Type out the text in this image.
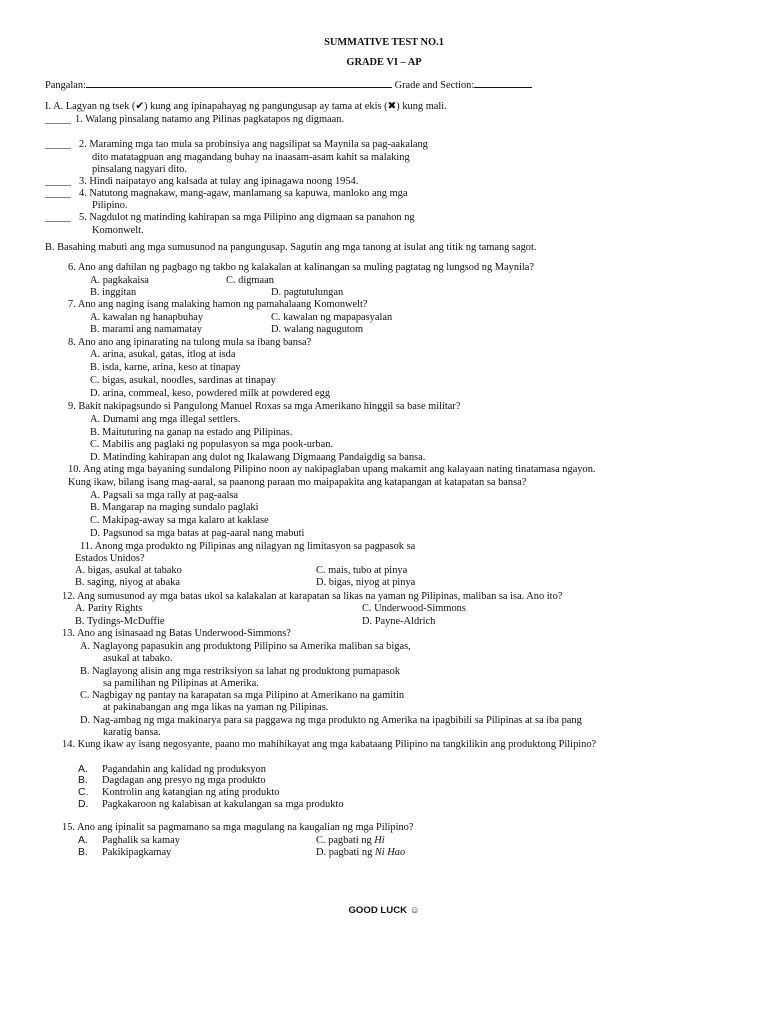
SUMMATIVE TEST NO.1
GRADE VI – AP
Pangalan:	Grade and Section:
I. A. Lagyan ng tsek (✔) kung ang ipinapahayag ng pangungusap ay tama at ekis (✖) kung mali.
_____ 1. Walang pinsalang natamo ang Pilinas pagkatapos ng digmaan.
_____ 2. Maraming mga tao mula sa probinsiya ang nagsilipat sa Maynila sa pag-aakalang
dito matatagpuan ang magandang buhay na inaasam-asam kahit sa malaking
pinsalang nagyari dito.
_____ 3. Hindi naipatayo ang kalsada at tulay ang ipinagawa noong 1954.
_____ 4. Natutong magnakaw, mang-agaw, manlamang sa kapuwa, manloko ang mga
Pilipino.
_____ 5. Nagdulot ng matinding kahirapan sa mga Pilipino ang digmaan sa panahon ng
Komonwelt.
B. Basahing mabuti ang mga sumusunod na pangungusap. Sagutin ang mga tanong at isulat ang titik ng tamang sagot.
6. Ano ang dahilan ng pagbago ng takbo ng kalakalan at kalinangan sa muling pagtatag ng lungsod ng Maynila?
A. pagkakaisa	C. digmaan
B. inggitan	D. pagtutulungan
7. Ano ang naging isang malaking hamon ng pamahalaang Komonwelt?
A. kawalan ng hanapbuhay	C. kawalan ng mapapasyalan
B. marami ang namamatay	D. walang nagugutom
8. Ano ano ang ipinarating na tulong mula sa ibang bansa?
A. arina, asukal, gatas, itlog at isda
B. isda, karne, arina, keso at tinapay
C. bigas, asukal, noodles, sardinas at tinapay
D. arina, commeal, keso, powdered milk at powdered egg
9. Bakit nakipagsundo si Pangulong Manuel Roxas sa mga Amerikano hinggil sa base militar?
A. Dumami ang mga illegal settlers.
B. Maituturing na ganap na estado ang Pilipinas.
C. Mabilis ang paglaki ng populasyon sa mga pook-urban.
D. Matinding kahirapan ang dulot ng Ikalawang Digmaang Pandaigdig sa bansa.
10. Ang ating mga bayaning sundalong Pilipino noon ay nakipaglaban upang makamit ang kalayaan nating tinatamasa ngayon.
Kung ikaw, bilang isang mag-aaral, sa paanong paraan mo maipapakita ang katapangan at katapatan sa bansa?
A. Pagsali sa mga rally at pag-aalsa
B. Mangarap na maging sundalo paglaki
C. Makipag-away sa mga kalaro at kaklase
D. Pagsunod sa mga batas at pag-aaral nang mabuti
11. Anong mga produkto ng Pilipinas ang nilagyan ng limitasyon sa pagpasok sa
Estados Unidos?
A. bigas, asukal at tabako	C. mais, tubo at pinya
B. saging, niyog at abaka	D. bigas, niyog at pinya
12. Ang sumusunod ay mga batas ukol sa kalakalan at karapatan sa likas na yaman ng Pilipinas, maliban sa isa. Ano ito?
A. Parity Rights	C. Underwood-Simmons
B. Tydings-McDuffie	D. Payne-Aldrich
13. Ano ang isinasaad ng Batas Underwood-Simmons?
A. Naglayong papasukin ang produktong Pilipino sa Amerika maliban sa bigas,
asukal at tabako.
B. Naglayong alisin ang mga restriksiyon sa lahat ng produktong pumapasok
sa pamilihan ng Pilipinas at Amerika.
C. Nagbigay ng pantay na karapatan sa mga Pilipino at Amerikano na gamitin
at pakinabangan ang mga likas na yaman ng Pilipinas.
D. Nag-ambag ng mga makinarya para sa paggawa ng mga produkto ng Amerika na ipagbibili sa Pilipinas at sa iba pang
karatig bansa.
14. Kung ikaw ay isang negosyante, paano mo mahihikayat ang mga kabataang Pilipino na tangkilikin ang produktong Pilipino?
A. Pagandahin ang kalidad ng produksyon
B. Dagdagan ang presyo ng mga produkto
C. Kontrolin ang katangian ng ating produkto
D. Pagkakaroon ng kalabisan at kakulangan sa mga produkto
15. Ano ang ipinalit sa pagmamano sa mga magulang na kaugalian ng mga Pilipino?
A. Paghalik sa kamay	C. pagbati ng Hi
B. Pakikipagkamay	D. pagbati ng Ni Hao
GOOD LUCK ☺
